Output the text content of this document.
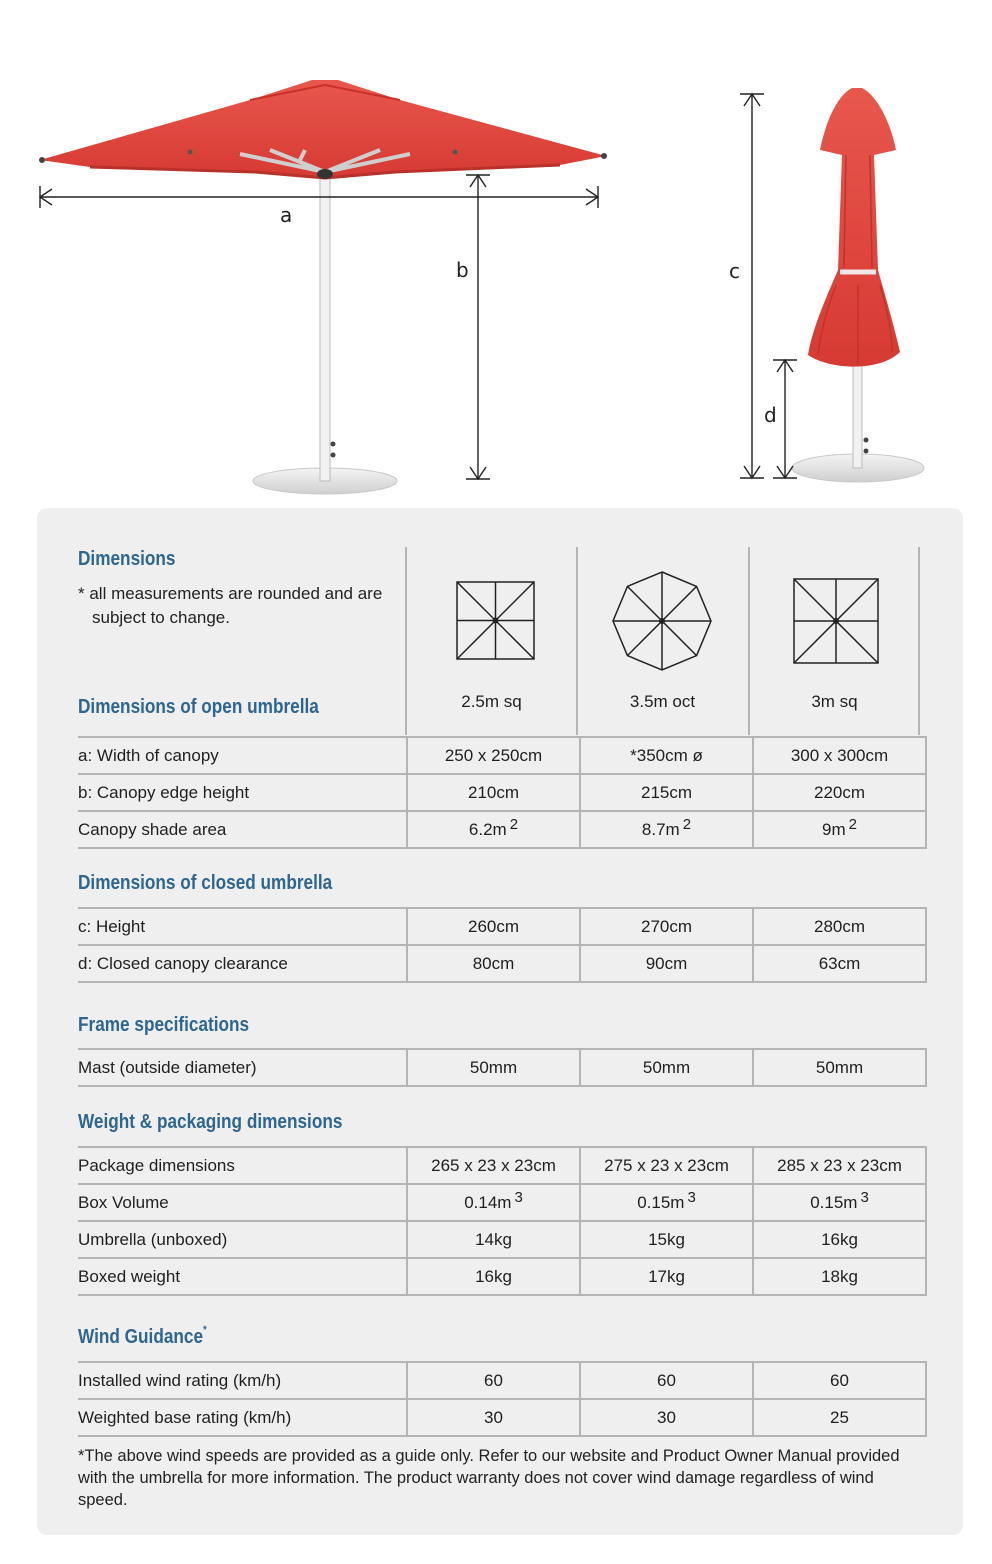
a
b	c
d
Dimensions
* all measurements are rounded and are
subject to change.
2.5m sq	3.5m oct	3m sq
Dimensions of open umbrella
a: Width of canopy	250 x 250cm	*350cm ø	300 x 300cm
b: Canopy edge height	210cm	215cm	220cm
Canopy shade area	6.2m 2	8.7m 2	9m 2
Dimensions of closed umbrella
c: Height	260cm	270cm	280cm
d: Closed canopy clearance	80cm	90cm	63cm
Frame specifications
Mast (outside diameter)	50mm	50mm	50mm
Weight & packaging dimensions
Package dimensions	265 x 23 x 23cm	275 x 23 x 23cm	285 x 23 x 23cm
Box Volume	0.14m 3	0.15m 3	0.15m 3
Umbrella (unboxed)	14kg	15kg	16kg
Boxed weight	16kg	17kg	18kg
Wind Guidance*
Installed wind rating (km/h)	60	60	60
Weighted base rating (km/h)	30	30	25
*The above wind speeds are provided as a guide only. Refer to our website and Product Owner Manual provided with the umbrella for more information. The product warranty does not cover wind damage regardless of wind speed.
